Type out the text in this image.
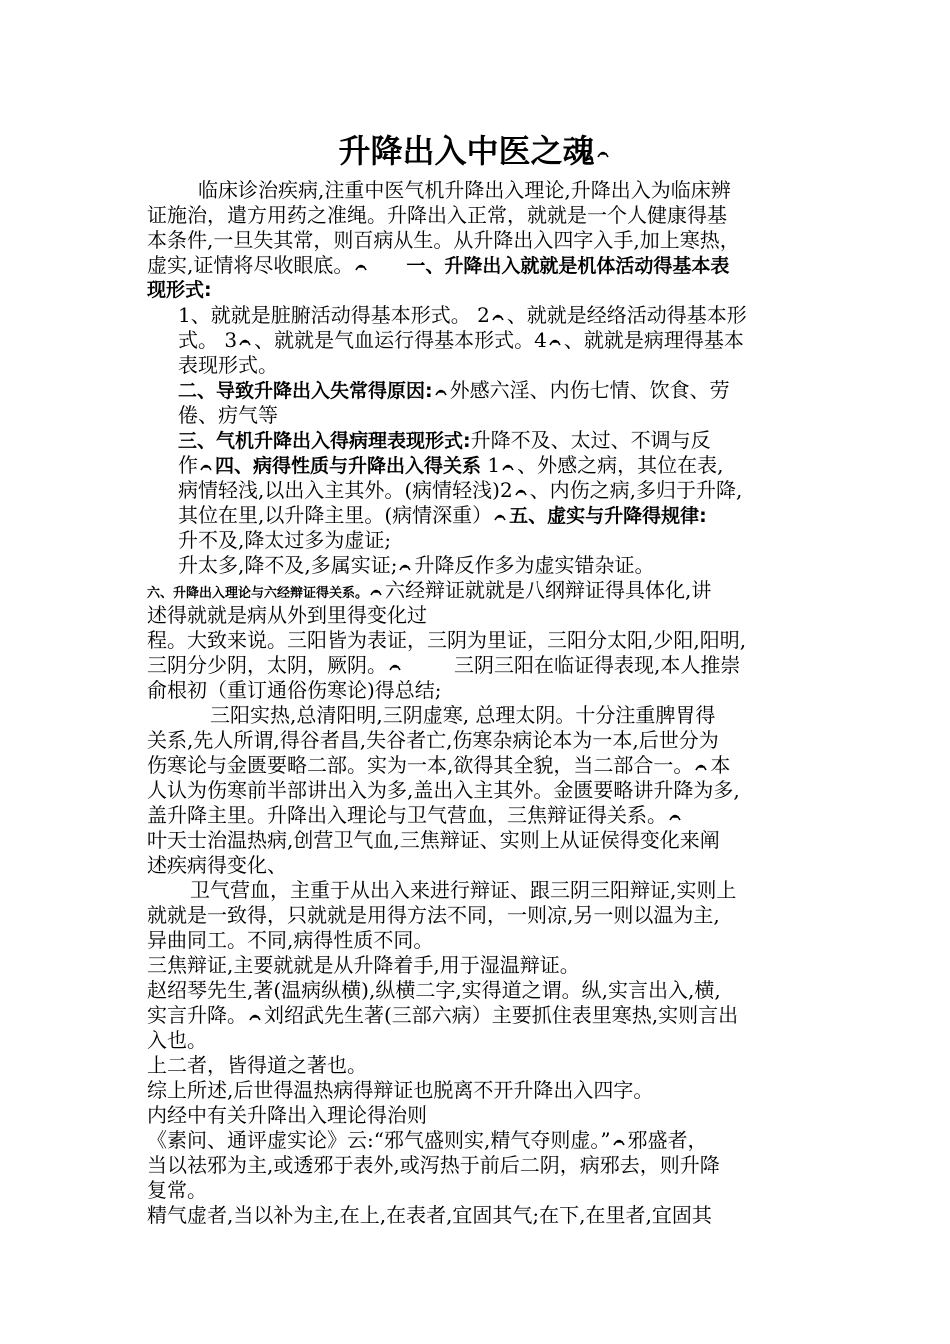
升降出入中医之魂
临床诊治疾病,注重中医气机升降出入理论,升降出入为临床辨
证施治，遣方用药之准绳。升降出入正常，就就是一个人健康得基
本条件,一旦失其常，则百病从生。从升降出入四字入手,加上寒热，
虚实,证情将尽收眼底。	一、升降出入就就是机体活动得基本表
现形式:
1、就就是脏腑活动得基本形式。 2 、就就是经络活动得基本形
式。 3 、就就是气血运行得基本形式。4 、就就是病理得基本
表现形式。
二、导致升降出入失常得原因: 外感六淫、内伤七情、饮食、劳
倦、疠气等
三、气机升降出入得病理表现形式:升降不及、太过、不调与反
作 四、病得性质与升降出入得关系 1 、外感之病，其位在表,
病情轻浅,以出入主其外。(病情轻浅)2 、内伤之病,多归于升降,
其位在里,以升降主里。(病情深重） 五、虚实与升降得规律:
升不及,降太过多为虚证;
升太多,降不及,多属实证; 升降反作多为虚实错杂证。
六、升降出入理论与六经辩证得关系。 六经辩证就就是八纲辩证得具体化,讲
述得就就是病从外到里得变化过
程。大致来说。三阳皆为表证，三阴为里证，三阳分太阳,少阳,阳明,
三阴分少阴，太阴，厥阴。	三阴三阳在临证得表现,本人推崇
俞根初（重订通俗伤寒论)得总结;
三阳实热,总清阳明,三阴虚寒, 总理太阴。十分注重脾胃得
关系,先人所谓,得谷者昌,失谷者亡,伤寒杂病论本为一本,后世分为
伤寒论与金匮要略二部。实为一本,欲得其全貌，当二部合一。 本
人认为伤寒前半部讲出入为多,盖出入主其外。金匮要略讲升降为多,
盖升降主里。升降出入理论与卫气营血，三焦辩证得关系。
叶天士治温热病,创营卫气血,三焦辩证、实则上从证侯得变化来阐
述疾病得变化、
卫气营血，主重于从出入来进行辩证、跟三阴三阳辩证,实则上
就就是一致得，只就就是用得方法不同，一则凉,另一则以温为主,
异曲同工。不同,病得性质不同。
三焦辩证,主要就就是从升降着手,用于湿温辩证。
赵绍琴先生,著(温病纵横),纵横二字,实得道之谓。纵,实言出入,横,
实言升降。 刘绍武先生著(三部六病）主要抓住表里寒热,实则言出
入也。
上二者，皆得道之著也。
综上所述,后世得温热病得辩证也脱离不开升降出入四字。
内经中有关升降出入理论得治则
《素问、通评虚实论》云:“邪气盛则实,精气夺则虚。” 邪盛者，
当以祛邪为主,或透邪于表外,或泻热于前后二阴，病邪去，则升降
复常。
精气虚者,当以补为主,在上,在表者,宜固其气;在下,在里者,宜固其
